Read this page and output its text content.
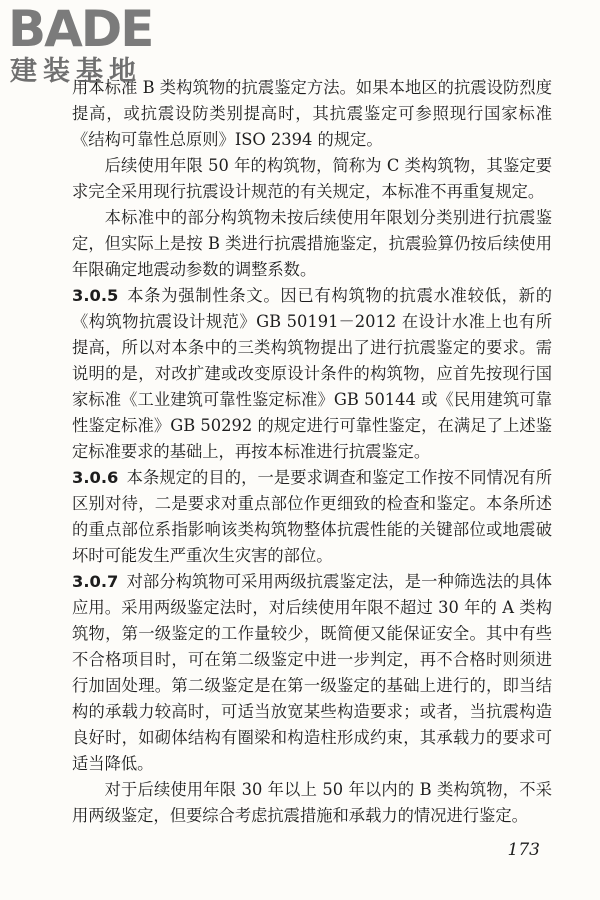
BADE
建装基地

用本标准 B 类构筑物的抗震鉴定方法。如果本地区的抗震设防烈度提高，或抗震设防类别提高时，其抗震鉴定可参照现行国家标准《结构可靠性总原则》ISO 2394 的规定。

后续使用年限 50 年的构筑物，简称为 C 类构筑物，其鉴定要求完全采用现行抗震设计规范的有关规定，本标准不再重复规定。

本标准中的部分构筑物未按后续使用年限划分类别进行抗震鉴定，但实际上是按 B 类进行抗震措施鉴定，抗震验算仍按后续使用年限确定地震动参数的调整系数。

3.0.5 本条为强制性条文。因已有构筑物的抗震水准较低，新的《构筑物抗震设计规范》GB 50191－2012 在设计水准上也有所提高，所以对本条中的三类构筑物提出了进行抗震鉴定的要求。需说明的是，对改扩建或改变原设计条件的构筑物，应首先按现行国家标准《工业建筑可靠性鉴定标准》GB 50144 或《民用建筑可靠性鉴定标准》GB 50292 的规定进行可靠性鉴定，在满足了上述鉴定标准要求的基础上，再按本标准进行抗震鉴定。

3.0.6 本条规定的目的，一是要求调查和鉴定工作按不同情况有所区别对待，二是要求对重点部位作更细致的检查和鉴定。本条所述的重点部位系指影响该类构筑物整体抗震性能的关键部位或地震破坏时可能发生严重次生灾害的部位。

3.0.7 对部分构筑物可采用两级抗震鉴定法，是一种筛选法的具体应用。采用两级鉴定法时，对后续使用年限不超过 30 年的 A 类构筑物，第一级鉴定的工作量较少，既简便又能保证安全。其中有些不合格项目时，可在第二级鉴定中进一步判定，再不合格时则须进行加固处理。第二级鉴定是在第一级鉴定的基础上进行的，即当结构的承载力较高时，可适当放宽某些构造要求；或者，当抗震构造良好时，如砌体结构有圈梁和构造柱形成约束，其承载力的要求可适当降低。

对于后续使用年限 30 年以上 50 年以内的 B 类构筑物，不采用两级鉴定，但要综合考虑抗震措施和承载力的情况进行鉴定。

173
